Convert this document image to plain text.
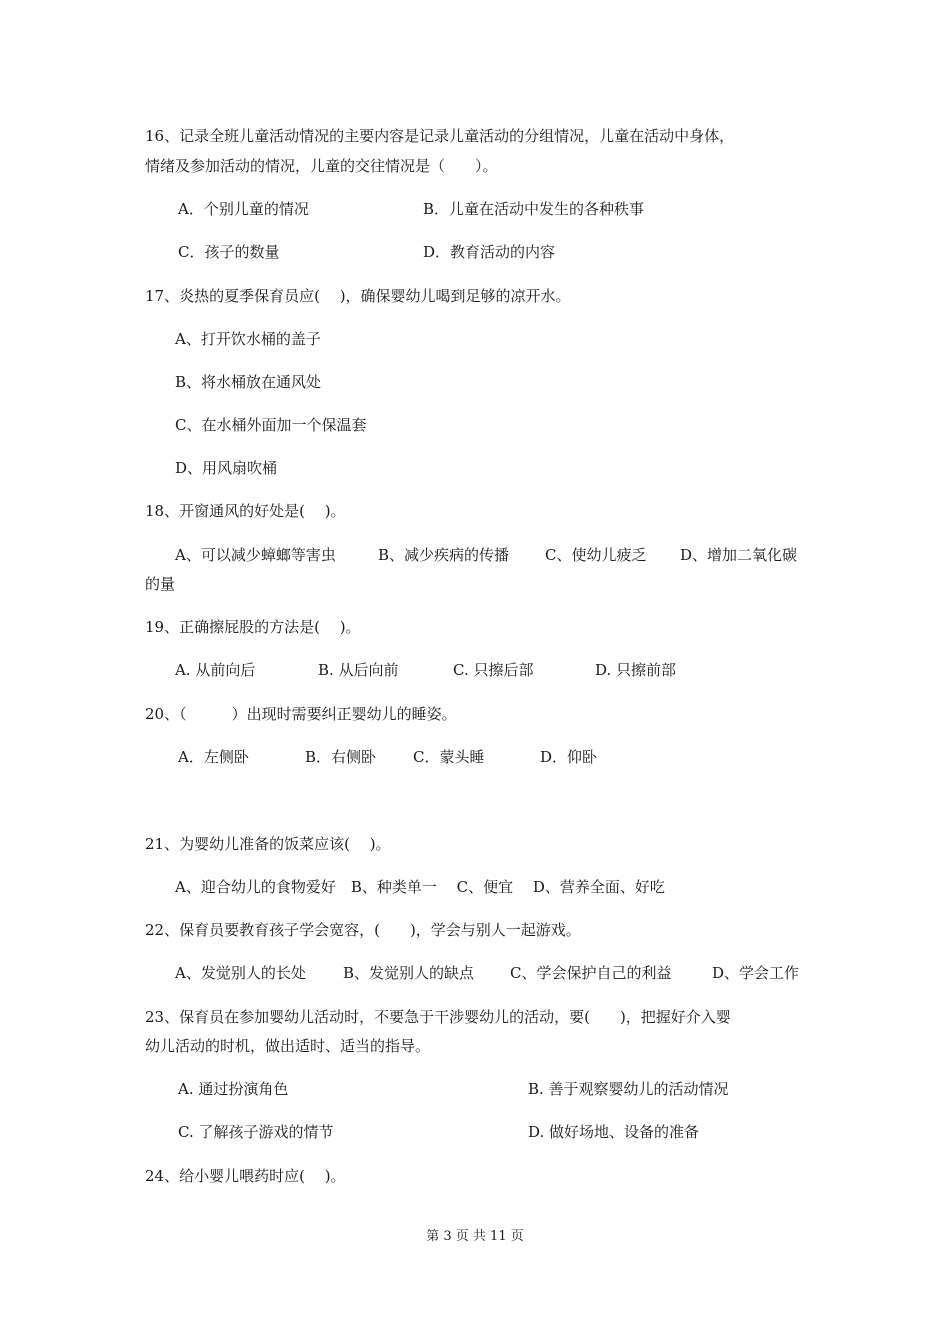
16、记录全班儿童活动情况的主要内容是记录儿童活动的分组情况，儿童在活动中身体，
情绪及参加活动的情况，儿童的交往情况是（　　）。
A．个别儿童的情况	B．儿童在活动中发生的各种秩事
C．孩子的数量	D．教育活动的内容
17、炎热的夏季保育员应(　 )，确保婴幼儿喝到足够的凉开水。
A、打开饮水桶的盖子
B、将水桶放在通风处
C、在水桶外面加一个保温套
D、用风扇吹桶
18、开窗通风的好处是(　 )。
A、可以减少蟑螂等害虫	B、减少疾病的传播 C、使幼儿疲乏 D、增加二氧化碳
的量
19、正确擦屁股的方法是(　 )。
A. 从前向后	B. 从后向前	C. 只擦后部	D. 只擦前部
20、（　　　）出现时需要纠正婴幼儿的睡姿。
A．左侧卧	B．右侧卧 C．蒙头睡	D．仰卧
21、为婴幼儿准备的饭菜应该(　 )。
A、迎合幼儿的食物爱好　B、种类单一　 C、便宜　 D、营养全面、好吃
22、保育员要教育孩子学会宽容，(　　)，学会与别人一起游戏。
A、发觉别人的长处 B、发觉别人的缺点 C、学会保护自己的利益	D、学会工作
23、保育员在参加婴幼儿活动时，不要急于干涉婴幼儿的活动，要(　　)，把握好介入婴
幼儿活动的时机，做出适时、适当的指导。
A. 通过扮演角色	B. 善于观察婴幼儿的活动情况
C. 了解孩子游戏的情节	D. 做好场地、设备的准备
24、给小婴儿喂药时应(　 )。
第 3 页 共 11 页
